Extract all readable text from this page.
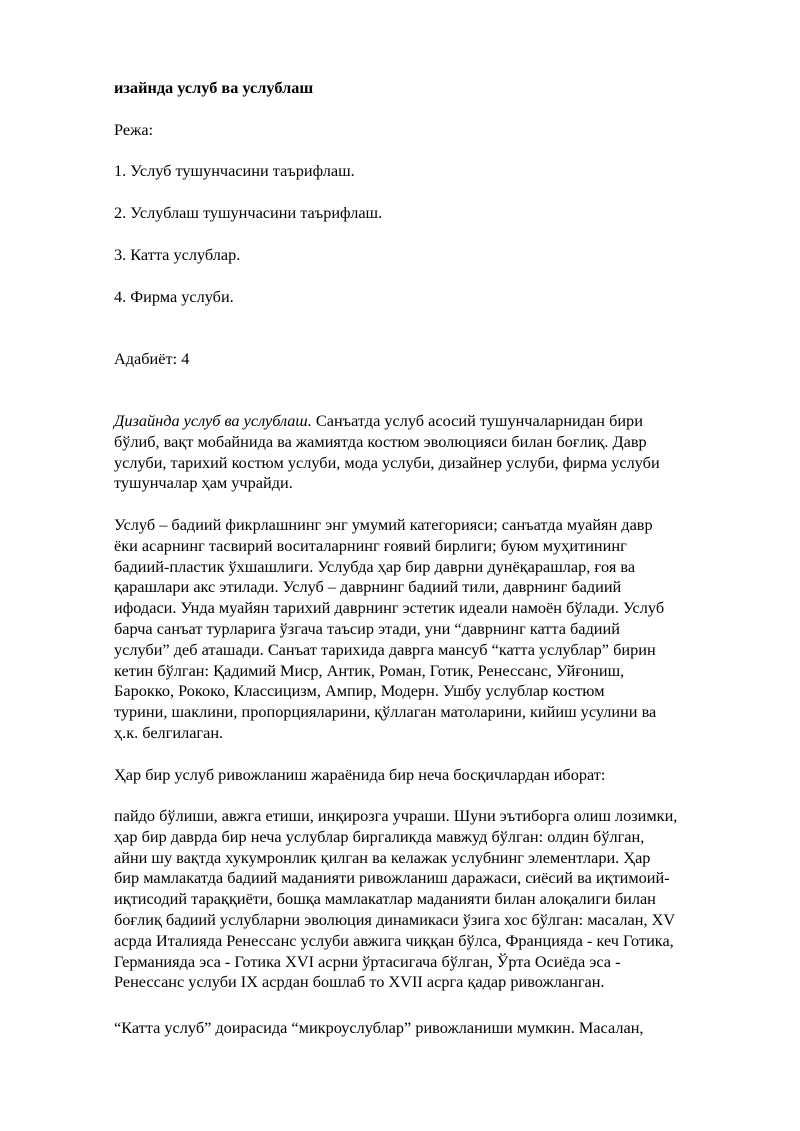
изайнда услуб ва услублаш
Режа:
1. Услуб тушунчасини таърифлаш.
2. Услублаш тушунчасини таърифлаш.
3. Катта услублар.
4. Фирма услуби.
Адабиёт: 4
Дизайнда услуб ва услублаш. Санъатда услуб асосий тушунчаларнидан бири
бўлиб, вақт мобайнида ва жамиятда костюм эволюцияси билан боғлиқ. Давр
услуби, тарихий костюм услуби, мода услуби, дизайнер услуби, фирма услуби
тушунчалар ҳам учрайди.
Услуб – бадиий фикрлашнинг энг умумий категорияси; санъатда муайян давр
ёки асарнинг тасвирий воситаларнинг ғоявий бирлиги; буюм муҳитининг
бадиий-пластик ўхшашлиги. Услубда ҳар бир даврни дунёқарашлар, ғоя ва
қарашлари акс этилади. Услуб – даврнинг бадиий тили, даврнинг бадиий
ифодаси. Унда муайян тарихий даврнинг эстетик идеали намоён бўлади. Услуб
барча санъат турларига ўзгача таъсир этади, уни “даврнинг катта бадиий
услуби” деб аташади. Санъат тарихида даврга мансуб “катта услублар” бирин
кетин бўлган: Қадимий Миср, Антик, Роман, Готик, Ренессанс, Уйғониш,
Барокко, Рококо, Классицизм, Ампир, Модерн. Ушбу услублар костюм
турини, шаклини, пропорцияларини, қўллаган матоларини, кийиш усулини ва
ҳ.к. белгилаган.
Ҳар бир услуб ривожланиш жараёнида бир неча босқичлардан иборат:
пайдо бўлиши, авжга етиши, инқирозга учраши. Шуни эътиборга олиш лозимки,
ҳар бир даврда бир неча услублар биргаликда мавжуд бўлган: олдин бўлган,
айни шу вақтда хукумронлик қилган ва келажак услубнинг элементлари. Ҳар
бир мамлакатда бадиий маданияти ривожланиш даражаси, сиёсий ва иқтимоий-
иқтисодий тараққиёти, бошқа мамлакатлар маданияти билан алоқалиги билан
боғлиқ бадиий услубларни эволюция динамикаси ўзига хос бўлган: масалан, XV
асрда Италияда Ренессанс услуби авжига чиққан бўлса, Францияда - кеч Готика,
Германияда эса - Готика XVI асрни ўртасигача бўлган, Ўрта Осиёда эса -
Ренессанс услуби IX асрдан бошлаб то XVII асрга қадар ривожланган.
“Катта услуб” доирасида “микроуслублар” ривожланиши мумкин. Масалан,
